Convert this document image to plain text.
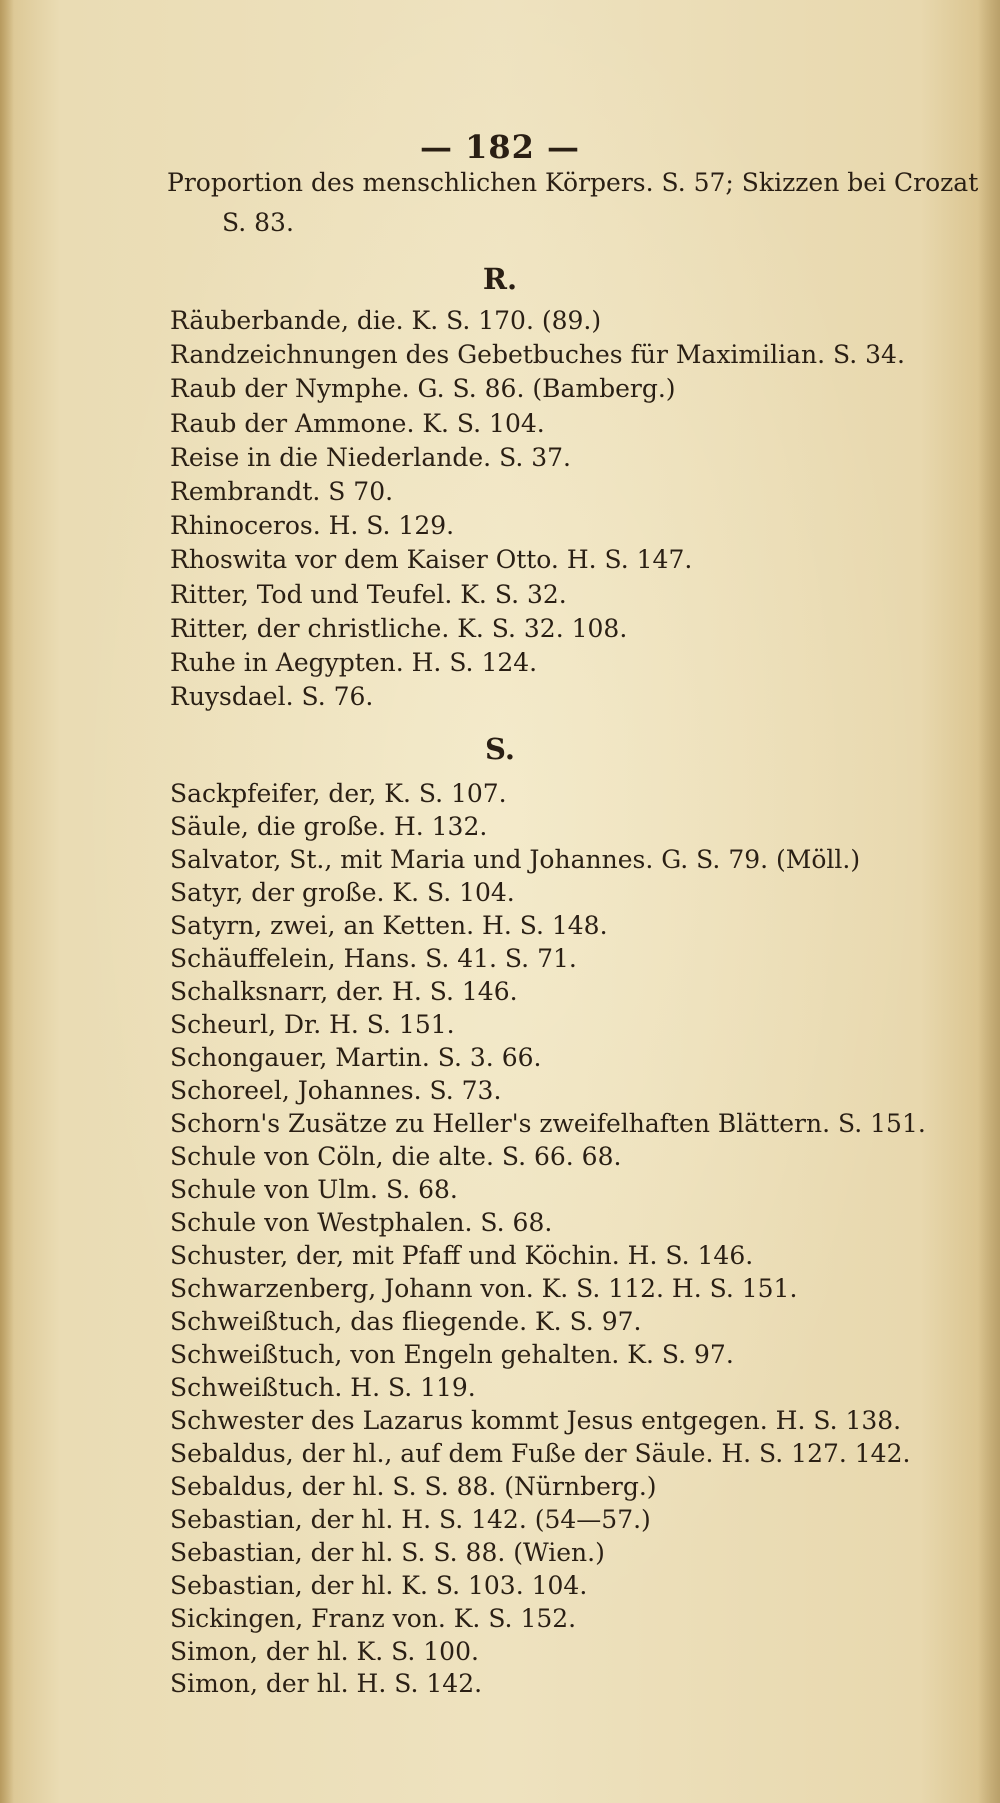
— 182 —
Proportion des menschlichen Körpers. S. 57; Skizzen bei Crozat
S. 83.
R.
Räuberbande, die. K. S. 170. (89.)
Randzeichnungen des Gebetbuches für Maximilian. S. 34.
Raub der Nymphe. G. S. 86. (Bamberg.)
Raub der Ammone. K. S. 104.
Reise in die Niederlande. S. 37.
Rembrandt. S 70.
Rhinoceros. H. S. 129.
Rhoswita vor dem Kaiser Otto. H. S. 147.
Ritter, Tod und Teufel. K. S. 32.
Ritter, der christliche. K. S. 32. 108.
Ruhe in Aegypten. H. S. 124.
Ruysdael. S. 76.
S.
Sackpfeifer, der, K. S. 107.
Säule, die große. H. 132.
Salvator, St., mit Maria und Johannes. G. S. 79. (Möll.)
Satyr, der große. K. S. 104.
Satyrn, zwei, an Ketten. H. S. 148.
Schäuffelein, Hans. S. 41. S. 71.
Schalksnarr, der. H. S. 146.
Scheurl, Dr. H. S. 151.
Schongauer, Martin. S. 3. 66.
Schoreel, Johannes. S. 73.
Schorn's Zusätze zu Heller's zweifelhaften Blättern. S. 151.
Schule von Cöln, die alte. S. 66. 68.
Schule von Ulm. S. 68.
Schule von Westphalen. S. 68.
Schuster, der, mit Pfaff und Köchin. H. S. 146.
Schwarzenberg, Johann von. K. S. 112. H. S. 151.
Schweißtuch, das fliegende. K. S. 97.
Schweißtuch, von Engeln gehalten. K. S. 97.
Schweißtuch. H. S. 119.
Schwester des Lazarus kommt Jesus entgegen. H. S. 138.
Sebaldus, der hl., auf dem Fuße der Säule. H. S. 127. 142.
Sebaldus, der hl. S. S. 88. (Nürnberg.)
Sebastian, der hl. H. S. 142. (54—57.)
Sebastian, der hl. S. S. 88. (Wien.)
Sebastian, der hl. K. S. 103. 104.
Sickingen, Franz von. K. S. 152.
Simon, der hl. K. S. 100.
Simon, der hl. H. S. 142.
